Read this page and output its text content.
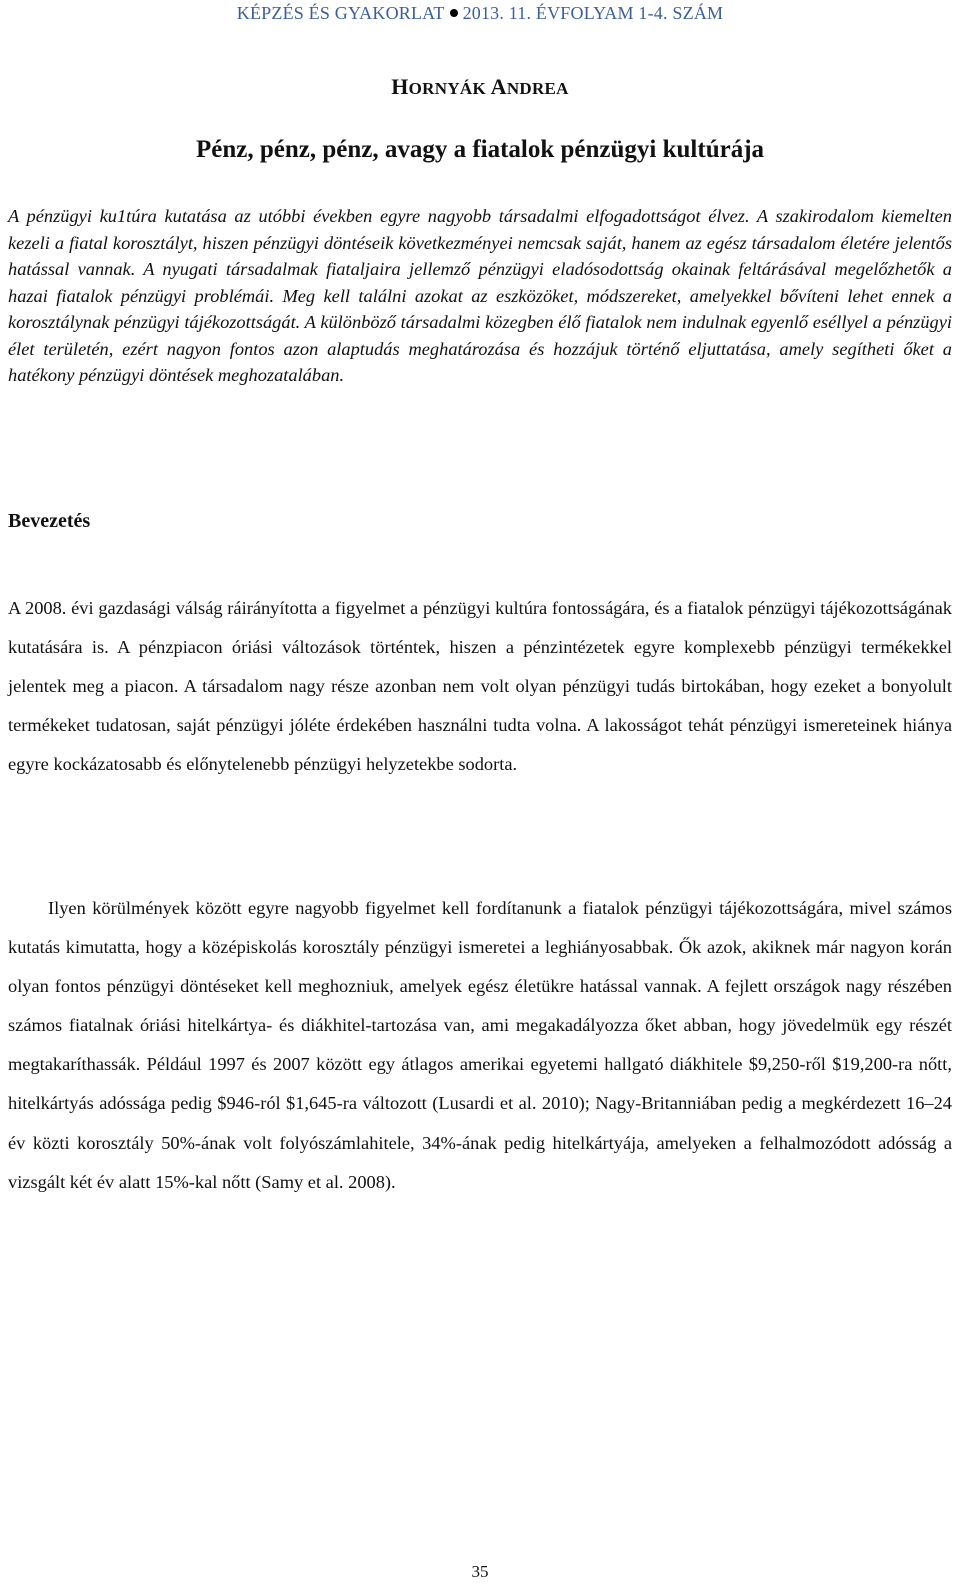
KÉPZÉS ÉS GYAKORLAT 2013. 11. ÉVFOLYAM 1-4. SZÁM
HORNYÁK ANDREA
Pénz, pénz, pénz, avagy a fiatalok pénzügyi kultúrája

A pénzügyi ku1túra kutatása az utóbbi években egyre nagyobb társadalmi elfogadottságot élvez. A szakirodalom kiemelten kezeli a fiatal korosztályt, hiszen pénzügyi döntéseik következményei nemcsak saját, hanem az egész társadalom életére jelentős hatással vannak. A nyugati társadalmak fiataljaira jellemző pénzügyi eladósodottság okainak feltárásával megelőzhetők a hazai fiatalok pénzügyi problémái. Meg kell találni azokat az eszközöket, módszereket, amelyekkel bővíteni lehet ennek a korosztálynak pénzügyi tájékozottságát. A különböző társadalmi közegben élő fiatalok nem indulnak egyenlő eséllyel a pénzügyi élet területén, ezért nagyon fontos azon alaptudás meghatározása és hozzájuk történő eljuttatása, amely segítheti őket a hatékony pénzügyi döntések meghozatalában.

Bevezetés

A 2008. évi gazdasági válság ráirányította a figyelmet a pénzügyi kultúra fontosságára, és a fiatalok pénzügyi tájékozottságának kutatására is. A pénzpiacon óriási változások történtek, hiszen a pénzintézetek egyre komplexebb pénzügyi termékekkel jelentek meg a piacon. A társadalom nagy része azonban nem volt olyan pénzügyi tudás birtokában, hogy ezeket a bonyolult termékeket tudatosan, saját pénzügyi jóléte érdekében használni tudta volna. A lakosságot tehát pénzügyi ismereteinek hiánya egyre kockázatosabb és előnytelenebb pénzügyi helyzetekbe sodorta.

Ilyen körülmények között egyre nagyobb figyelmet kell fordítanunk a fiatalok pénzügyi tájékozottságára, mivel számos kutatás kimutatta, hogy a középiskolás korosztály pénzügyi ismeretei a leghiányosabbak. Ők azok, akiknek már nagyon korán olyan fontos pénzügyi döntéseket kell meghozniuk, amelyek egész életükre hatással vannak. A fejlett országok nagy részében számos fiatalnak óriási hitelkártya- és diákhitel-tartozása van, ami megakadályozza őket abban, hogy jövedelmük egy részét megtakaríthassák. Például 1997 és 2007 között egy átlagos amerikai egyetemi hallgató diákhitele $9,250-ről $19,200-ra nőtt, hitelkártyás adóssága pedig $946-ról $1,645-ra változott (Lusardi et al. 2010); Nagy-Britanniában pedig a megkérdezett 16–24 év közti korosztály 50%-ának volt folyószámlahitele, 34%-ának pedig hitelkártyája, amelyeken a felhalmozódott adósság a vizsgált két év alatt 15%-kal nőtt (Samy et al. 2008).

35
